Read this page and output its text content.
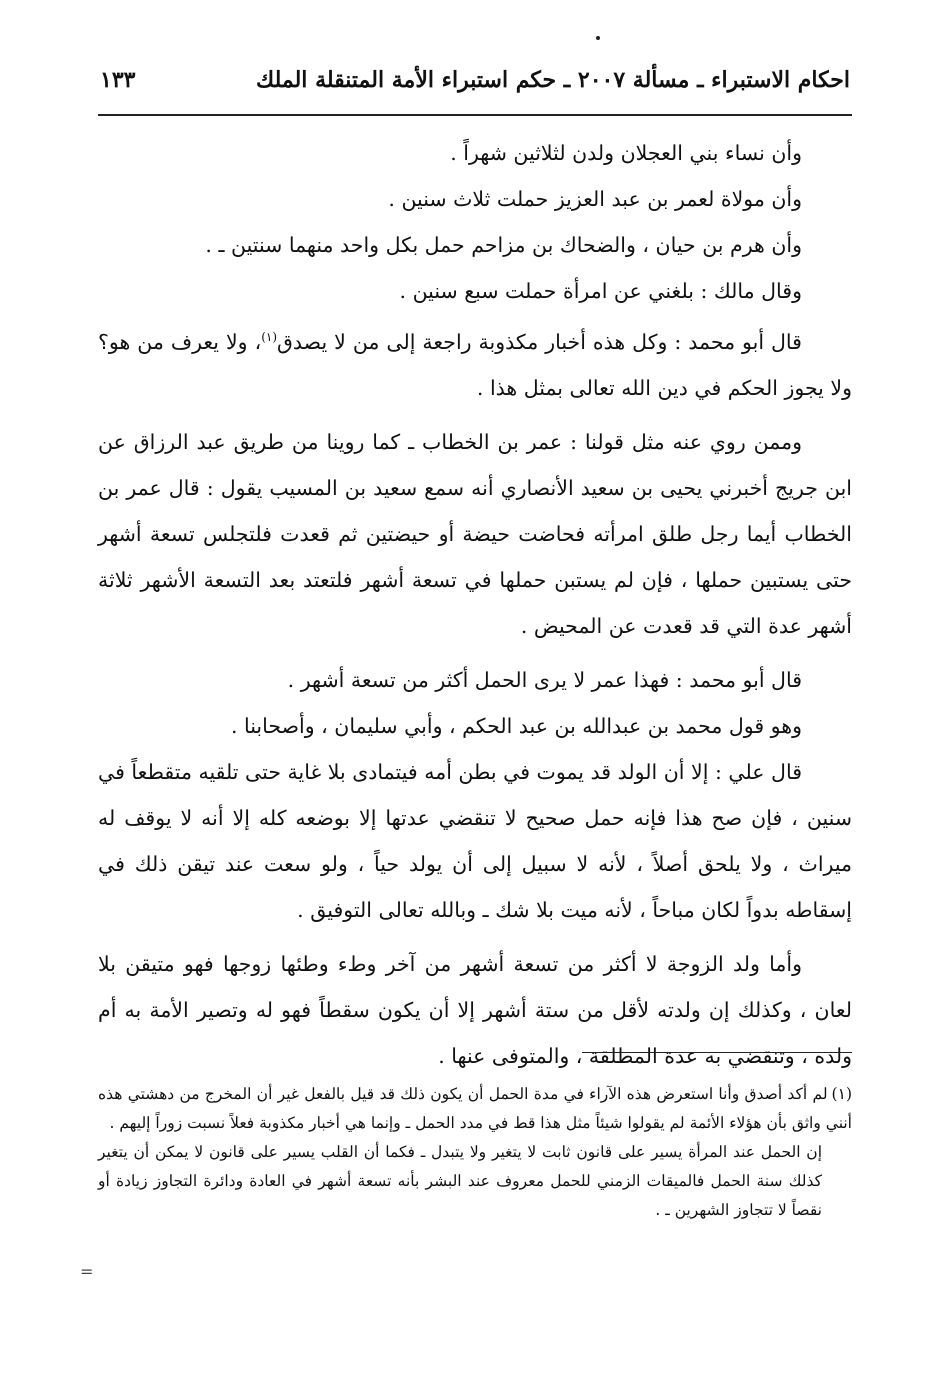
احكام الاستبراء ـ مسألة ٢٠٠٧ ـ حكم استبراء الأمة المتنقلة الملك
١٣٣

وأن نساء بني العجلان ولدن لثلاثين شهراً .

وأن مولاة لعمر بن عبد العزيز حملت ثلاث سنين .

وأن هرم بن حيان ، والضحاك بن مزاحم حمل بكل واحد منهما سنتين ـ .

وقال مالك : بلغني عن امرأة حملت سبع سنين .

قال أبو محمد : وكل هذه أخبار مكذوبة راجعة إلى من لا يصدق$^{(١)}$، ولا يعرف من هو؟ ولا يجوز الحكم في دين الله تعالى بمثل هذا .

وممن روي عنه مثل قولنا : عمر بن الخطاب ـ كما روينا من طريق عبد الرزاق عن ابن جريج أخبرني يحيى بن سعيد الأنصاري أنه سمع سعيد بن المسيب يقول : قال عمر بن الخطاب أيما رجل طلق امرأته فحاضت حيضة أو حيضتين ثم قعدت فلتجلس تسعة أشهر حتى يستبين حملها ، فإن لم يستبن حملها في تسعة أشهر فلتعتد بعد التسعة الأشهر ثلاثة أشهر عدة التي قد قعدت عن المحيض .

قال أبو محمد : فهذا عمر لا يرى الحمل أكثر من تسعة أشهر .

وهو قول محمد بن عبدالله بن عبد الحكم ، وأبي سليمان ، وأصحابنا .

قال علي : إلا أن الولد قد يموت في بطن أمه فيتمادى بلا غاية حتى تلقيه متقطعاً في سنين ، فإن صح هذا فإنه حمل صحيح لا تنقضي عدتها إلا بوضعه كله إلا أنه لا يوقف له ميراث ، ولا يلحق أصلاً ، لأنه لا سبيل إلى أن يولد حياً ، ولو سعت عند تيقن ذلك في إسقاطه بدواً لكان مباحاً ، لأنه ميت بلا شك ـ وبالله تعالى التوفيق .

وأما ولد الزوجة لا أكثر من تسعة أشهر من آخر وطء وطئها زوجها فهو متيقن بلا لعان ، وكذلك إن ولدته لأقل من ستة أشهر إلا أن يكون سقطاً فهو له وتصير الأمة به أم ولده ، وتنقضي به عدة المطلقة ، والمتوفى عنها .

(١)لم أكد أصدق وأنا استعرض هذه الآراء في مدة الحمل أن يكون ذلك قد قيل بالفعل غير أن المخرج من دهشتي هذه أنني واثق بأن هؤلاء الأئمة لم يقولوا شيئاً مثل هذا قط في مدد الحمل ـ وإنما هي أخبار مكذوبة فعلاً نسبت زوراً إليهم .

إن الحمل عند المرأة يسير على قانون ثابت لا يتغير ولا يتبدل ـ فكما أن القلب يسير على قانون لا يمكن أن يتغير كذلك سنة الحمل فالميقات الزمني للحمل معروف عند البشر بأنه تسعة أشهر في العادة ودائرة التجاوز زيادة أو نقصاً لا تتجاوز الشهرين ـ .

=
